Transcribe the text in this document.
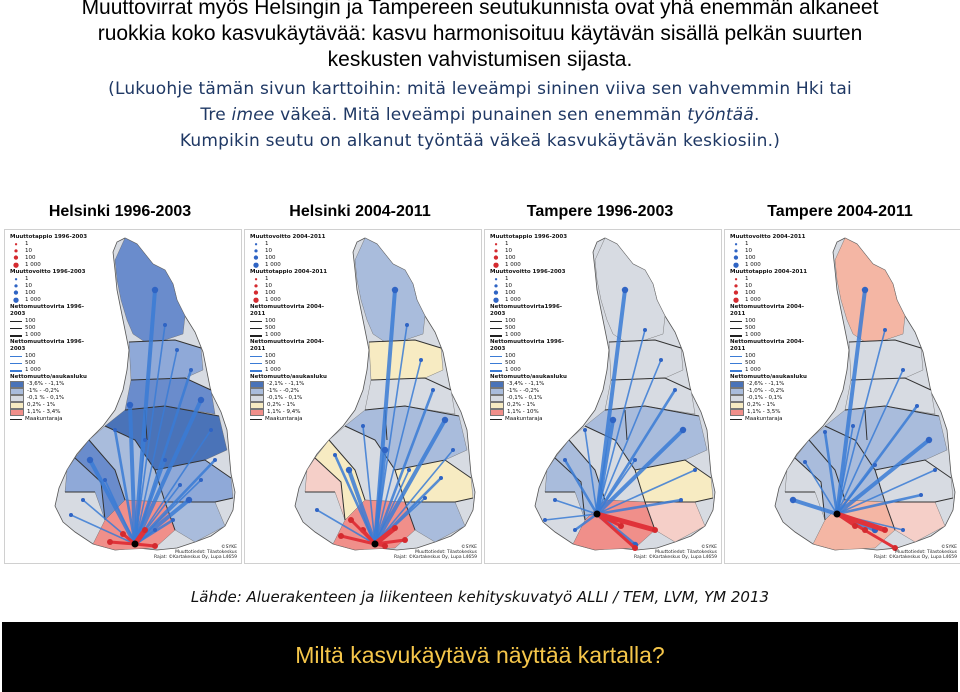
Muuttovirrat myös Helsingin ja Tampereen seutukunnista ovat yhä enemmän alkaneet
ruokkia koko kasvukäytävää: kasvu harmonisoituu käytävän sisällä pelkän suurten
keskusten vahvistumisen sijasta.
(Lukuohje tämän sivun karttoihin: mitä leveämpi sininen viiva sen vahvemmin Hki tai
Tre imee väkeä. Mitä leveämpi punainen sen enemmän työntää.
Kumpikin seutu on alkanut työntää väkeä kasvukäytävän keskiosiin.)
Helsinki 1996-2003	Helsinki 2004-2011	Tampere 1996-2003	Tampere 2004-2011
Muuttotappio 1996-2003
●	1
●	10
●	100
●	1 000
Muuttovoitto 1996-2003
●	1
●	10
●	100
●	1 000
Nettomuuttovirta 1996-2003
100
500
1 000
Nettomuuttovirta 1996-2003
100
500
1 000
Nettomuutto/asukasluku
-3,6% - -1,1%
-1% - -0,2%
-0,1 % - 0,1%
0,2% - 1%
1,1% - 3,4%
Maakuntaraja
©SYKE
Muuttotiedot: Tilastokeskus
Rajat: ©Kartakeskus Oy, Lupa L4659
Muuttovoitto 2004-2011
●	1
●	10
●	100
●	1 000
Muuttotappio 2004-2011
●	1
●	10
●	100
●	1 000
Nettomuuttovirta 2004-2011
100
500
1 000
Nettomuuttovirta 2004-2011
100
500
1 000
Nettomuutto/asukasluku
-2,1% - -1,1%
-1% - -0,2%
-0,1% - 0,1%
0,2% - 1%
1,1% - 9,4%
Maakuntaraja
©SYKE
Muuttotiedot: Tilastokeskus
Rajat: ©Kartakeskus Oy, Lupa L4659
Muuttotappio 1996-2003
●	1
●	10
●	100
●	1 000
Muuttovoitto 1996-2003
●	1
●	10
●	100
●	1 000
Nettomuuttovirta1996-2003
100
500
1 000
Nettomuuttovirta 1996-2003
100
500
1 000
Nettomuutto/asukasluku
-3,4% - -1,1%
-1% - -0,2%
-0,1% - 0,1%
0,2% - 1%
1,1% - 10%
Maakuntaraja
©SYKE
Muuttotiedot: Tilastokeskus
Rajat: ©Kartakeskus Oy, Lupa L4659
Muuttovoitto 2004-2011
●	1
●	10
●	100
●	1 000
Muuttotappio 2004-2011
●	1
●	10
●	100
●	1 000
Nettomuuttovirta 2004-2011
100
500
1 000
Nettomuuttovirta 2004-2011
100
500
1 000
Nettomuutto/asukasluku
-2,6% - -1,1%
-1,0% - -0,2%
-0,1% - 0,1%
0,2% - 1%
1,1% - 3,5%
Maakuntaraja
©SYKE
Muuttotiedot: Tilastokeskus
Rajat: ©Kartakeskus Oy, Lupa L4659
Lähde: Aluerakenteen ja liikenteen kehityskuvatyö ALLI / TEM, LVM, YM 2013
Miltä kasvukäytävä näyttää kartalla?
